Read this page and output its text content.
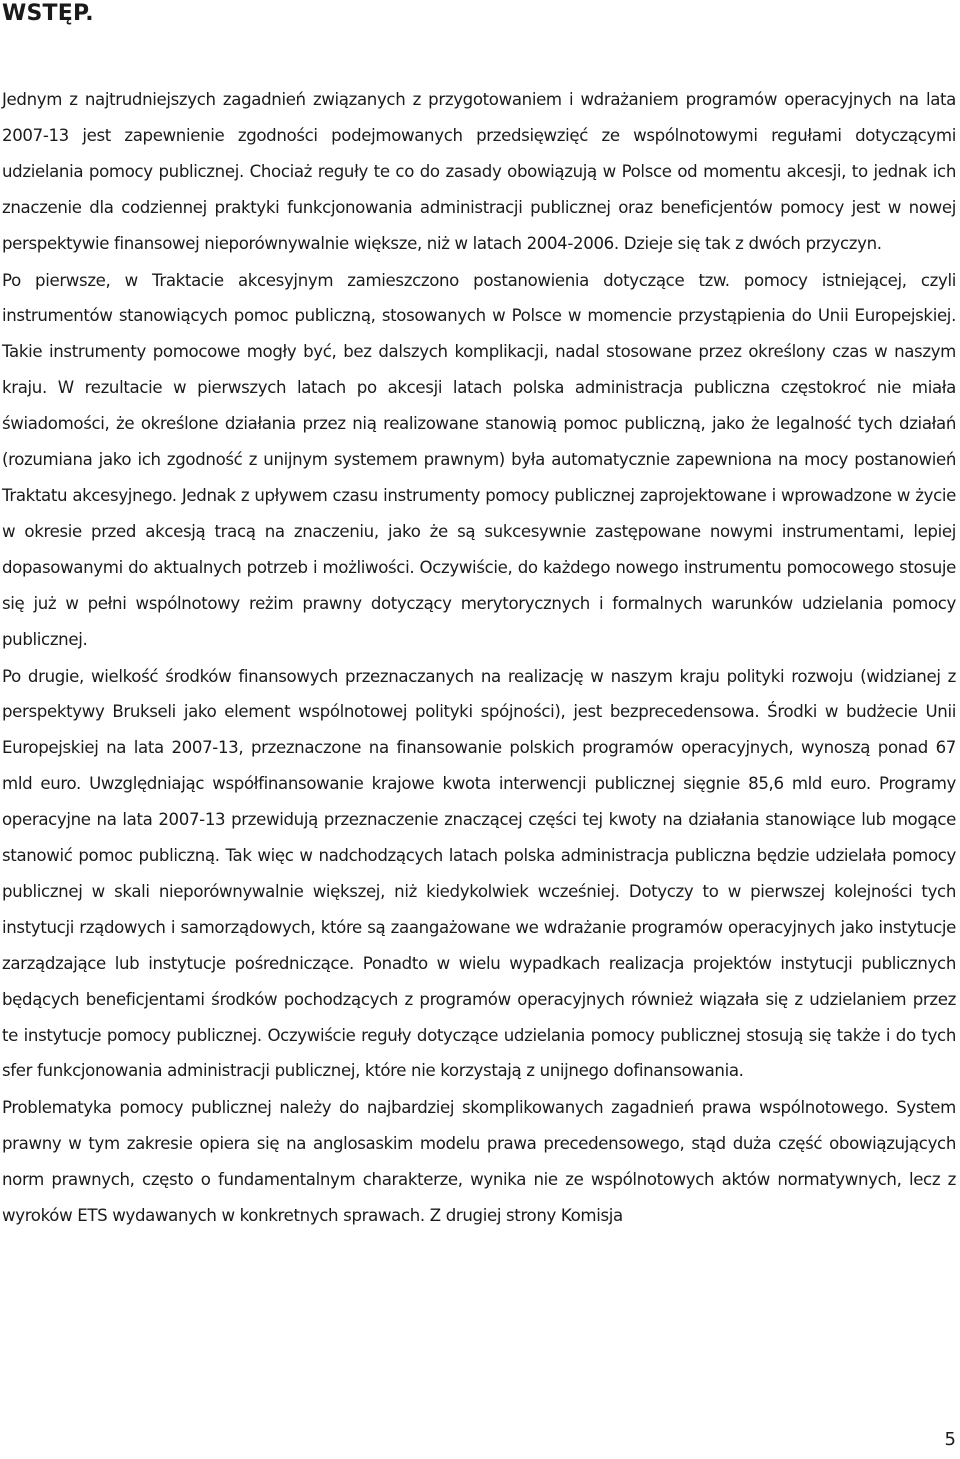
WSTĘP.

Jednym z najtrudniejszych zagadnień związanych z przygotowaniem i wdrażaniem programów operacyjnych na lata 2007-13 jest zapewnienie zgodności podejmowanych przedsięwzięć ze wspólnotowymi regułami dotyczącymi udzielania pomocy publicznej. Chociaż reguły te co do zasady obowiązują w Polsce od momentu akcesji, to jednak ich znaczenie dla codziennej praktyki funkcjonowania administracji publicznej oraz beneficjentów pomocy jest w nowej perspektywie finansowej nieporównywalnie większe, niż w latach 2004-2006. Dzieje się tak z dwóch przyczyn.

Po pierwsze, w Traktacie akcesyjnym zamieszczono postanowienia dotyczące tzw. pomocy istniejącej, czyli instrumentów stanowiących pomoc publiczną, stosowanych w Polsce w momencie przystąpienia do Unii Europejskiej. Takie instrumenty pomocowe mogły być, bez dalszych komplikacji, nadal stosowane przez określony czas w naszym kraju. W rezultacie w pierwszych latach po akcesji latach polska administracja publiczna częstokroć nie miała świadomości, że określone działania przez nią realizowane stanowią pomoc publiczną, jako że legalność tych działań (rozumiana jako ich zgodność z unijnym systemem prawnym) była automatycznie zapewniona na mocy postanowień Traktatu akcesyjnego. Jednak z upływem czasu instrumenty pomocy publicznej zaprojektowane i wprowadzone w życie w okresie przed akcesją tracą na znaczeniu, jako że są sukcesywnie zastępowane nowymi instrumentami, lepiej dopasowanymi do aktualnych potrzeb i możliwości. Oczywiście, do każdego nowego instrumentu pomocowego stosuje się już w pełni wspólnotowy reżim prawny dotyczący merytorycznych i formalnych warunków udzielania pomocy publicznej.

Po drugie, wielkość środków finansowych przeznaczanych na realizację w naszym kraju polityki rozwoju (widzianej z perspektywy Brukseli jako element wspólnotowej polityki spójności), jest bezprecedensowa. Środki w budżecie Unii Europejskiej na lata 2007-13, przeznaczone na finansowanie polskich programów operacyjnych, wynoszą ponad 67 mld euro. Uwzględniając współfinansowanie krajowe kwota interwencji publicznej sięgnie 85,6 mld euro. Programy operacyjne na lata 2007-13 przewidują przeznaczenie znaczącej części tej kwoty na działania stanowiące lub mogące stanowić pomoc publiczną. Tak więc w nadchodzących latach polska administracja publiczna będzie udzielała pomocy publicznej w skali nieporównywalnie większej, niż kiedykolwiek wcześniej. Dotyczy to w pierwszej kolejności tych instytucji rządowych i samorządowych, które są zaangażowane we wdrażanie programów operacyjnych jako instytucje zarządzające lub instytucje pośredniczące. Ponadto w wielu wypadkach realizacja projektów instytucji publicznych będących beneficjentami środków pochodzących z programów operacyjnych również wiązała się z udzielaniem przez te instytucje pomocy publicznej. Oczywiście reguły dotyczące udzielania pomocy publicznej stosują się także i do tych sfer funkcjonowania administracji publicznej, które nie korzystają z unijnego dofinansowania.

Problematyka pomocy publicznej należy do najbardziej skomplikowanych zagadnień prawa wspólnotowego. System prawny w tym zakresie opiera się na anglosaskim modelu prawa precedensowego, stąd duża część obowiązujących norm prawnych, często o fundamentalnym charakterze, wynika nie ze wspólnotowych aktów normatywnych, lecz z wyroków ETS wydawanych w konkretnych sprawach. Z drugiej strony Komisja

5
